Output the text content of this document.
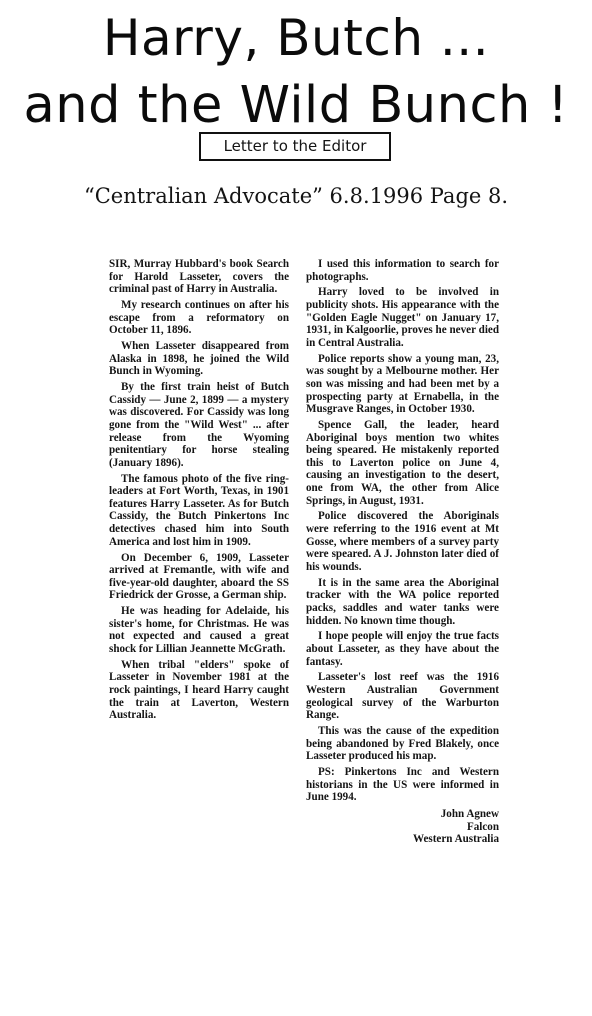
Harry, Butch ...
and the Wild Bunch !
Letter to the Editor
“Centralian Advocate” 6.8.1996 Page 8.

SIR, Murray Hubbard's book Search for Harold Lasseter, covers the criminal past of Harry in Australia.

My research continues on after his escape from a reformatory on October 11, 1896.

When Lasseter disappeared from Alaska in 1898, he joined the Wild Bunch in Wyoming.

By the first train heist of Butch Cassidy — June 2, 1899 — a mystery was discovered. For Cassidy was long gone from the "Wild West" ... after release from the Wyoming penitentiary for horse stealing (January 1896).

The famous photo of the five ring-leaders at Fort Worth, Texas, in 1901 features Harry Lasseter. As for Butch Cassidy, the Butch Pinkertons Inc detectives chased him into South America and lost him in 1909.

On December 6, 1909, Lasseter arrived at Fremantle, with wife and five-year-old daughter, aboard the SS Friedrick der Grosse, a German ship.

He was heading for Adelaide, his sister's home, for Christmas. He was not expected and caused a great shock for Lillian Jeannette McGrath.

When tribal "elders" spoke of Lasseter in November 1981 at the rock paintings, I heard Harry caught the train at Laverton, Western Australia.

I used this information to search for photographs.

Harry loved to be involved in publicity shots. His appearance with the "Golden Eagle Nugget" on January 17, 1931, in Kalgoorlie, proves he never died in Central Australia.

Police reports show a young man, 23, was sought by a Melbourne mother. Her son was missing and had been met by a prospecting party at Ernabella, in the Musgrave Ranges, in October 1930.

Spence Gall, the leader, heard Aboriginal boys mention two whites being speared. He mistakenly reported this to Laverton police on June 4, causing an investigation to the desert, one from WA, the other from Alice Springs, in August, 1931.

Police discovered the Aboriginals were referring to the 1916 event at Mt Gosse, where members of a survey party were speared. A J. Johnston later died of his wounds.

It is in the same area the Aboriginal tracker with the WA police reported packs, saddles and water tanks were hidden. No known time though.

I hope people will enjoy the true facts about Lasseter, as they have about the fantasy.

Lasseter's lost reef was the 1916 Western Australian Government geological survey of the Warburton Range.

This was the cause of the expedition being abandoned by Fred Blakely, once Lasseter produced his map.

PS: Pinkertons Inc and Western historians in the US were informed in June 1994.

John Agnew
Falcon
Western Australia
